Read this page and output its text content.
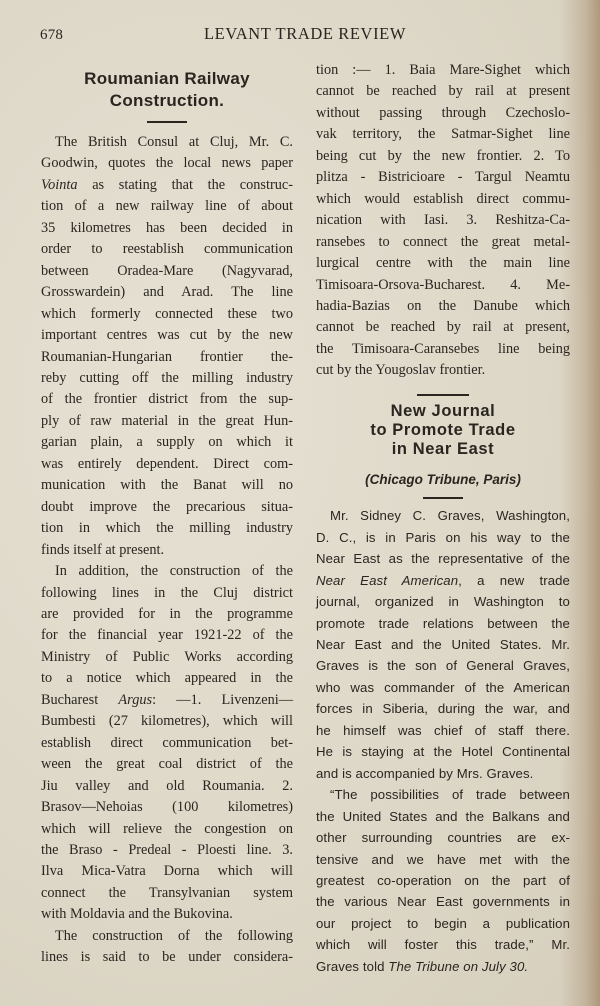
678	LEVANT TRADE REVIEW
Roumanian Railway
Construction.
The British Consul at Cluj, Mr. C.
Goodwin, quotes the local news paper
Vointa as stating that the construc-
tion of a new railway line of about
35 kilometres has been decided in
order to reestablish communication
between Oradea-Mare (Nagyvarad,
Grosswardein) and Arad. The line
which formerly connected these two
important centres was cut by the new
Roumanian-Hungarian frontier the-
reby cutting off the milling industry
of the frontier district from the sup-
ply of raw material in the great Hun-
garian plain, a supply on which it
was entirely dependent. Direct com-
munication with the Banat will no
doubt improve the precarious situa-
tion in which the milling industry
finds itself at present.
In addition, the construction of the
following lines in the Cluj district
are provided for in the programme
for the financial year 1921-22 of the
Ministry of Public Works according
to a notice which appeared in the
Bucharest Argus: —1. Livenzeni—
Bumbesti (27 kilometres), which will
establish direct communication bet-
ween the great coal district of the
Jiu valley and old Roumania. 2.
Brasov—Nehoias (100 kilometres)
which will relieve the congestion on
the Braso - Predeal - Ploesti line. 3.
Ilva Mica-Vatra Dorna which will
connect the Transylvanian system
with Moldavia and the Bukovina.
The construction of the following
lines is said to be under considera-
tion :— 1. Baia Mare-Sighet which
cannot be reached by rail at present
without passing through Czechoslo-
vak territory, the Satmar-Sighet line
being cut by the new frontier. 2. To
plitza - Bistricioare - Targul Neamtu
which would establish direct commu-
nication with Iasi. 3. Reshitza-Ca-
ransebes to connect the great metal-
lurgical centre with the main line
Timisoara-Orsova-Bucharest. 4. Me-
hadia-Bazias on the Danube which
cannot be reached by rail at present,
the Timisoara-Caransebes line being
cut by the Yougoslav frontier.
New Journal
to Promote Trade
in Near East
(Chicago Tribune, Paris)
Mr. Sidney C. Graves, Washington,
D. C., is in Paris on his way to the
Near East as the representative of the
Near East American, a new trade
journal, organized in Washington to
promote trade relations between the
Near East and the United States. Mr.
Graves is the son of General Graves,
who was commander of the American
forces in Siberia, during the war, and
he himself was chief of staff there.
He is staying at the Hotel Continental
and is accompanied by Mrs. Graves.
“The possibilities of trade between
the United States and the Balkans and
other surrounding countries are ex-
tensive and we have met with the
greatest co-operation on the part of
the various Near East governments in
our project to begin a publication
which will foster this trade,” Mr.
Graves told The Tribune on July 30.
